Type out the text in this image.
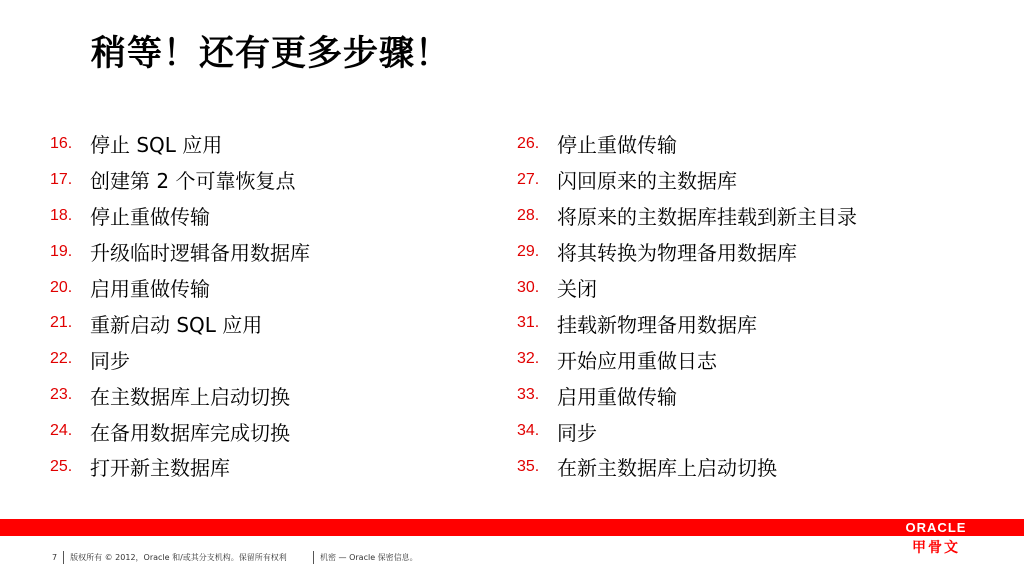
稍等！还有更多步骤！
16. 停止 SQL 应用
17. 创建第 2 个可靠恢复点
18. 停止重做传输
19. 升级临时逻辑备用数据库
20. 启用重做传输
21. 重新启动 SQL 应用
22. 同步
23. 在主数据库上启动切换
24. 在备用数据库完成切换
25. 打开新主数据库
26. 停止重做传输
27. 闪回原来的主数据库
28. 将原来的主数据库挂载到新主目录
29. 将其转换为物理备用数据库
30. 关闭
31. 挂载新物理备用数据库
32. 开始应用重做日志
33. 启用重做传输
34. 同步
35. 在新主数据库上启动切换
ORACLE
甲骨文
7 版权所有 © 2012，Oracle 和/或其分支机构。保留所有权利	机密 — Oracle 保密信息。
